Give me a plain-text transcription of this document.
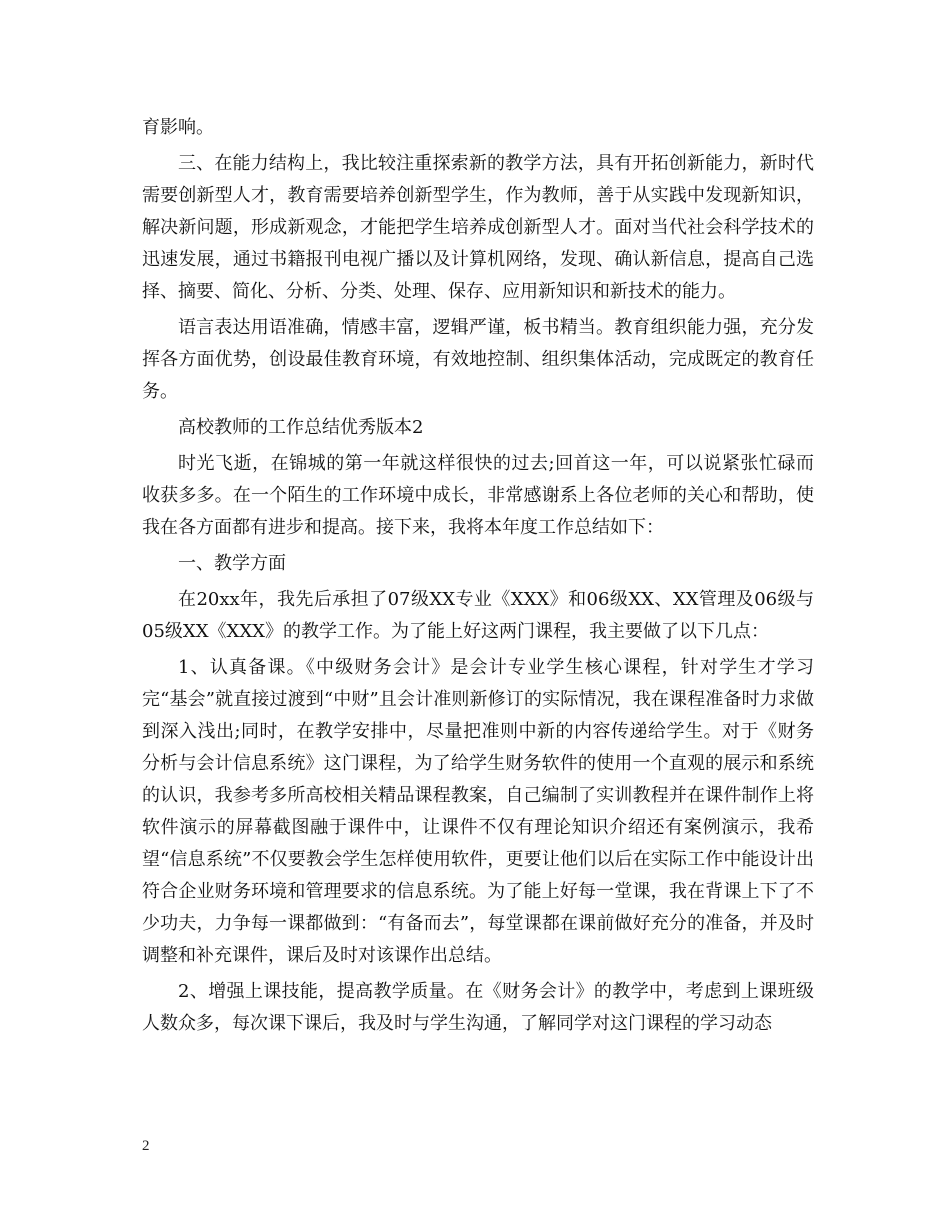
育影响。

三、在能力结构上，我比较注重探索新的教学方法，具有开拓创新能力，新时代需要创新型人才，教育需要培养创新型学生，作为教师，善于从实践中发现新知识，解决新问题，形成新观念，才能把学生培养成创新型人才。面对当代社会科学技术的迅速发展，通过书籍报刊电视广播以及计算机网络，发现、确认新信息，提高自己选择、摘要、简化、分析、分类、处理、保存、应用新知识和新技术的能力。

语言表达用语准确，情感丰富，逻辑严谨，板书精当。教育组织能力强，充分发挥各方面优势，创设最佳教育环境，有效地控制、组织集体活动，完成既定的教育任务。

高校教师的工作总结优秀版本2

时光飞逝，在锦城的第一年就这样很快的过去;回首这一年，可以说紧张忙碌而收获多多。在一个陌生的工作环境中成长，非常感谢系上各位老师的关心和帮助，使我在各方面都有进步和提高。接下来，我将本年度工作总结如下：

一、教学方面

在20xx年，我先后承担了07级XX专业《XXX》和06级XX、XX管理及06级与05级XX《XXX》的教学工作。为了能上好这两门课程，我主要做了以下几点：

1、认真备课。《中级财务会计》是会计专业学生核心课程，针对学生才学习完“基会”就直接过渡到“中财”且会计准则新修订的实际情况，我在课程准备时力求做到深入浅出;同时，在教学安排中，尽量把准则中新的内容传递给学生。对于《财务分析与会计信息系统》这门课程，为了给学生财务软件的使用一个直观的展示和系统的认识，我参考多所高校相关精品课程教案，自己编制了实训教程并在课件制作上将软件演示的屏幕截图融于课件中，让课件不仅有理论知识介绍还有案例演示，我希望“信息系统”不仅要教会学生怎样使用软件，更要让他们以后在实际工作中能设计出符合企业财务环境和管理要求的信息系统。为了能上好每一堂课，我在背课上下了不少功夫，力争每一课都做到：“有备而去”，每堂课都在课前做好充分的准备，并及时调整和补充课件，课后及时对该课作出总结。

2、增强上课技能，提高教学质量。在《财务会计》的教学中，考虑到上课班级人数众多，每次课下课后，我及时与学生沟通，了解同学对这门课程的学习动态

2
